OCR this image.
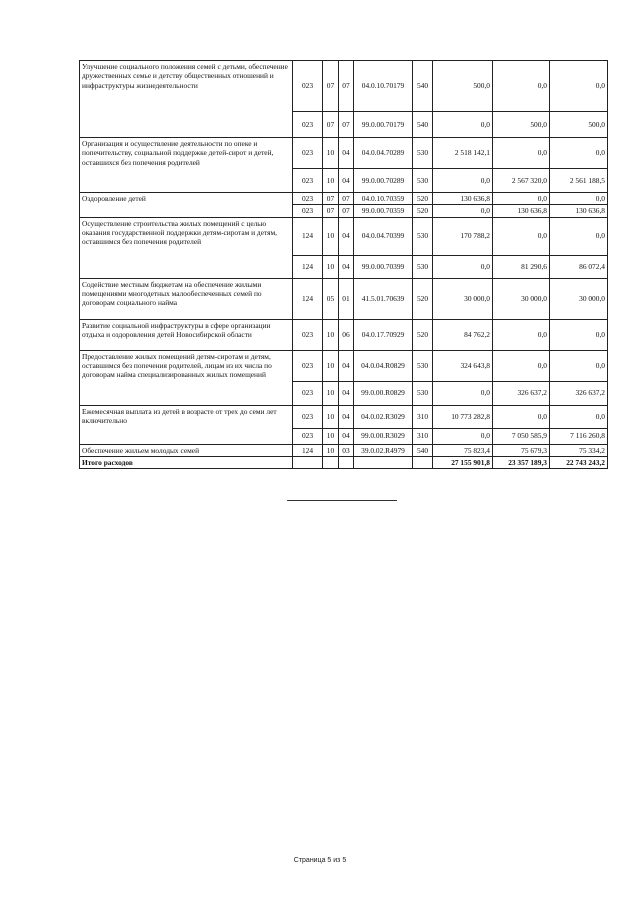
Улучшение социального положения семей с детьми, обеспечение дружественных семье и детству общественных отношений и инфраструктуры жизнедеятельности	023	07	07	04.0.10.70179	540	500,0	0,0	0,0
	023	07	07	99.0.00.70179	540	0,0	500,0	500,0
Организация и осуществление деятельности по опеке и попечительству, социальной поддержке детей-сирот и детей, оставшихся без попечения родителей	023	10	04	04.0.04.70289	530	2 518 142,1	0,0	0,0
	023	10	04	99.0.00.70289	530	0,0	2 567 320,0	2 561 188,5
Оздоровление детей	023	07	07	04.0.10.70359	520	130 636,8	0,0	0,0
	023	07	07	99.0.00.70359	520	0,0	130 636,8	130 636,8
Осуществление строительства жилых помещений с целью оказания государственной поддержки детям-сиротам и детям, оставшимся без попечения родителей	124	10	04	04.0.04.70399	530	170 788,2	0,0	0,0
	124	10	04	99.0.00.70399	530	0,0	81 290,6	86 072,4
Содействие местным бюджетам на обеспечение жилыми помещениями многодетных малообеспеченных семей по договорам социального найма	124	05	01	41.5.01.70639	520	30 000,0	30 000,0	30 000,0
Развитие социальной инфраструктуры в сфере организации отдыха и оздоровления детей Новосибирской области	023	10	06	04.0.17.70929	520	84 762,2	0,0	0,0
Предоставление жилых помещений детям-сиротам и детям, оставшимся без попечения родителей, лицам из их числа по договорам найма специализированных жилых помещений	023	10	04	04.0.04.R0829	530	324 643,8	0,0	0,0
	023	10	04	99.0.00.R0829	530	0,0	326 637,2	326 637,2
Ежемесячная выплата из детей в возрасте от трех до семи лет включительно	023	10	04	04.0.02.R3029	310	10 773 282,8	0,0	0,0
	023	10	04	99.0.00.R3029	310	0,0	7 050 585,9	7 116 260,8
Обеспечение жильем молодых семей	124	10	03	39.0.02.R4979	540	75 823,4	75 679,3	75 334,2
Итого расходов						27 155 901,8	23 357 189,3	22 743 243,2
Страница 5 из 5
